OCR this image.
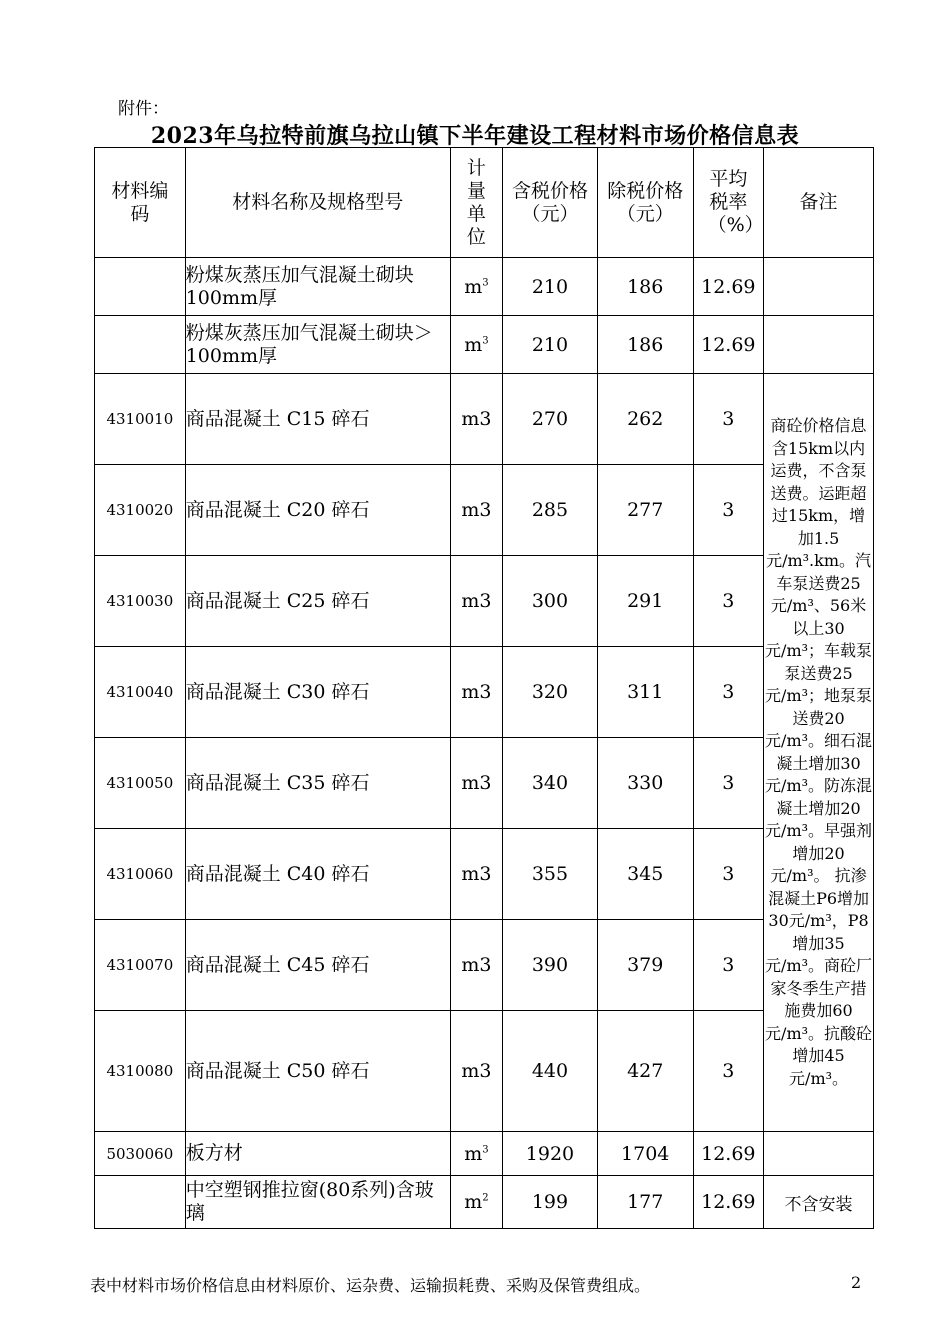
附件：
2023年乌拉特前旗乌拉山镇下半年建设工程材料市场价格信息表
材料编码	材料名称及规格型号	计量单位	含税价格（元）	除税价格（元）	平均税率（%）	备注
	粉煤灰蒸压加气混凝土砌块100mm厚	$m^3$	210	186	12.69	
	粉煤灰蒸压加气混凝土砌块＞100mm厚	$m^3$	210	186	12.69	
4310010	商品混凝土 C15 碎石	m3	270	262	3	商砼价格信息含15km以内运费，不含泵送费。运距超过15km，增加1.5元/m³.km。汽车泵送费25元/m³、56米以上30元/m³；车载泵泵送费25元/m³；地泵泵送费20元/m³。细石混凝土增加30元/m³。防冻混凝土增加20元/m³。早强剂增加20元/m³。 抗渗混凝土P6增加30元/m³，P8增加35元/m³。商砼厂家冬季生产措施费加60元/m³。抗酸砼增加45元/m³。
4310020	商品混凝土 C20 碎石	m3	285	277	3	
4310030	商品混凝土 C25 碎石	m3	300	291	3	
4310040	商品混凝土 C30 碎石	m3	320	311	3	
4310050	商品混凝土 C35 碎石	m3	340	330	3	
4310060	商品混凝土 C40 碎石	m3	355	345	3	
4310070	商品混凝土 C45 碎石	m3	390	379	3	
4310080	商品混凝土 C50 碎石	m3	440	427	3	
5030060	板方材	$m^3$	1920	1704	12.69	
	中空塑钢推拉窗(80系列)含玻璃	$m^2$	199	177	12.69	不含安装
表中材料市场价格信息由材料原价、运杂费、运输损耗费、采购及保管费组成。	2
